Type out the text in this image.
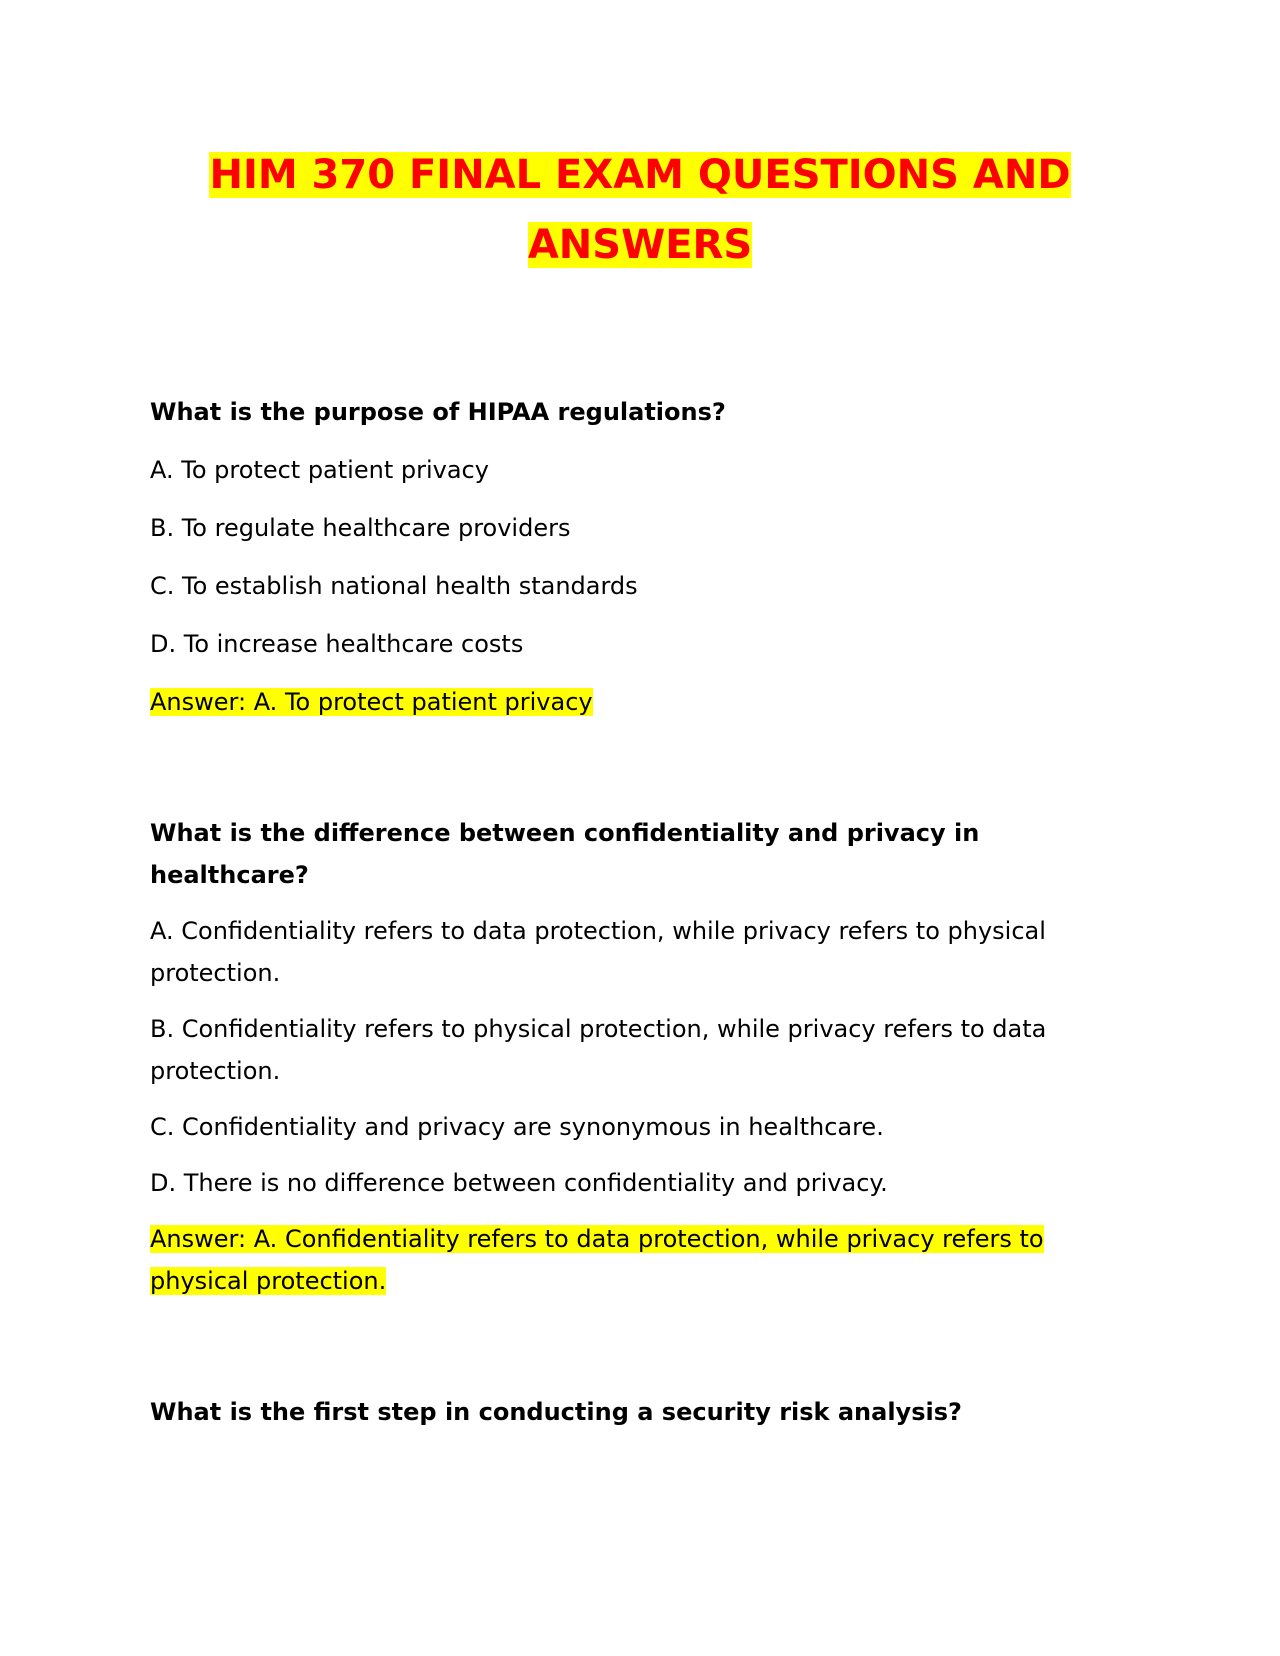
HIM 370 FINAL EXAM QUESTIONS AND
ANSWERS
What is the purpose of HIPAA regulations?
A. To protect patient privacy
B. To regulate healthcare providers
C. To establish national health standards
D. To increase healthcare costs
Answer: A. To protect patient privacy
What is the difference between confidentiality and privacy in healthcare?
A. Confidentiality refers to data protection, while privacy refers to physical protection.
B. Confidentiality refers to physical protection, while privacy refers to data protection.
C. Confidentiality and privacy are synonymous in healthcare.
D. There is no difference between confidentiality and privacy.
Answer: A. Confidentiality refers to data protection, while privacy refers to physical protection.
What is the first step in conducting a security risk analysis?
